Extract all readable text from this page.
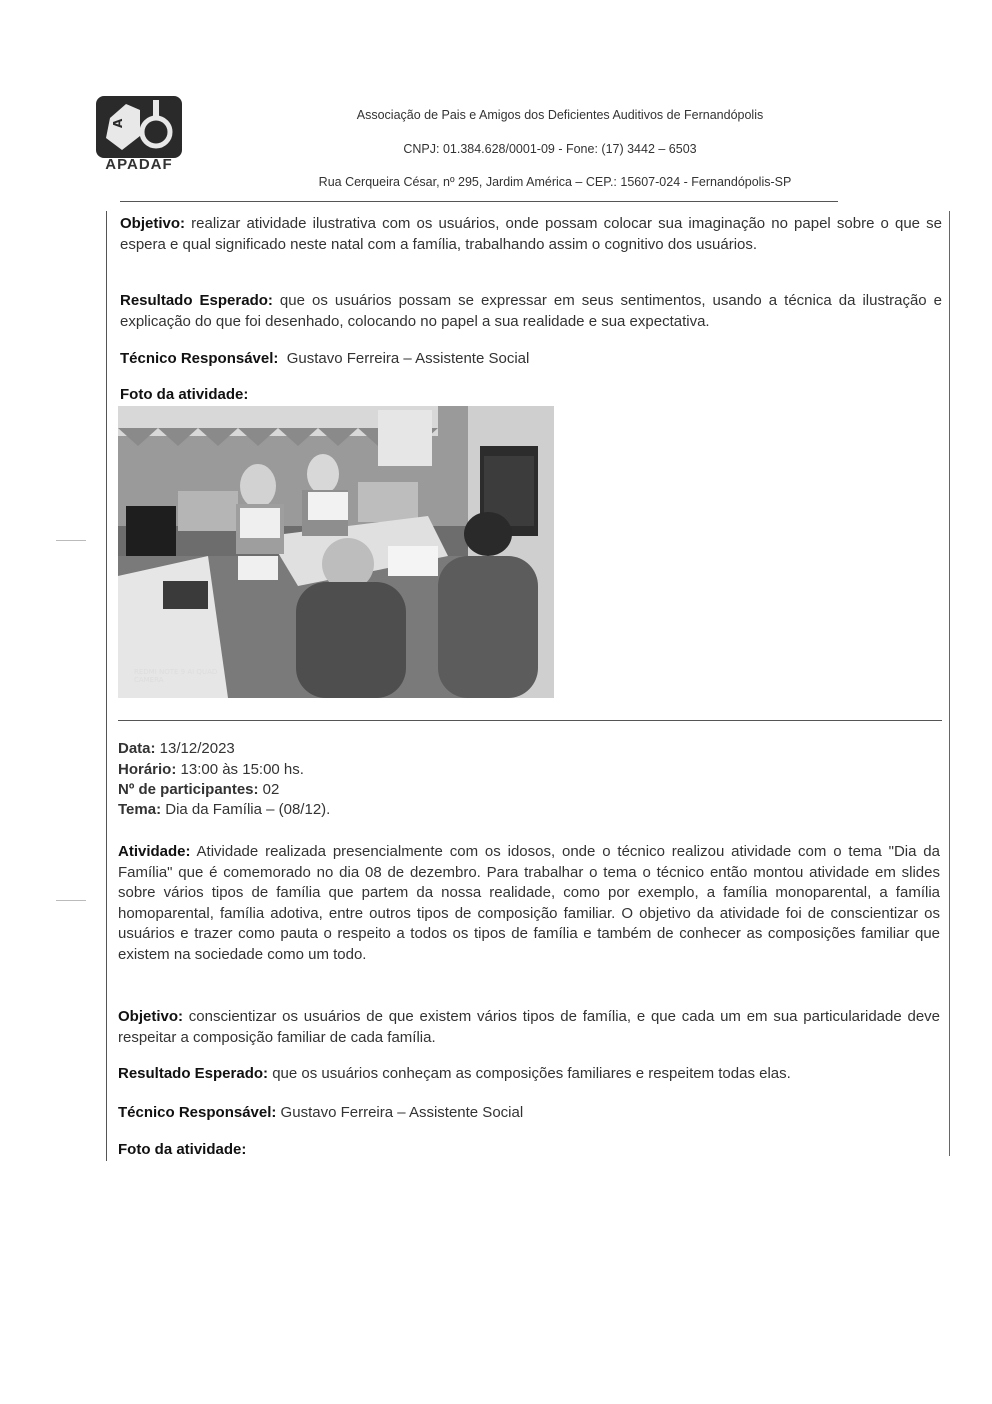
A
APADAF
Associação de Pais e Amigos dos Deficientes Auditivos de Fernandópolis
CNPJ: 01.384.628/0001-09 - Fone: (17) 3442 – 6503
Rua Cerqueira César, nº 295, Jardim América – CEP.: 15607-024 - Fernandópolis-SP
Objetivo: realizar atividade ilustrativa com os usuários, onde possam colocar sua imaginação no papel sobre o que se espera e qual significado neste natal com a família, trabalhando assim o cognitivo dos usuários.
Resultado Esperado: que os usuários possam se expressar em seus sentimentos, usando a técnica da ilustração e explicação do que foi desenhado, colocando no papel a sua realidade e sua expectativa.
Técnico Responsável:  Gustavo Ferreira – Assistente Social
Foto da atividade:
REDMI NOTE 9 AI QUAD CAMERA
Data: 13/12/2023
Horário: 13:00 às 15:00 hs.
Nº de participantes: 02
Tema: Dia da Família – (08/12).
Atividade: Atividade realizada presencialmente com os idosos, onde o técnico realizou atividade com o tema "Dia da Família" que é comemorado no dia 08 de dezembro. Para trabalhar o tema o técnico então montou atividade em slides sobre vários tipos de família que partem da nossa realidade, como por exemplo, a família monoparental, a família homoparental, família adotiva, entre outros tipos de composição familiar. O objetivo da atividade foi de conscientizar os usuários e trazer como pauta o respeito a todos os tipos de família e também de conhecer as composições familiar que existem na sociedade como um todo.
Objetivo: conscientizar os usuários de que existem vários tipos de família, e que cada um em sua particularidade deve respeitar a composição familiar de cada família.
Resultado Esperado: que os usuários conheçam as composições familiares e respeitem todas elas.
Técnico Responsável: Gustavo Ferreira – Assistente Social
Foto da atividade:
